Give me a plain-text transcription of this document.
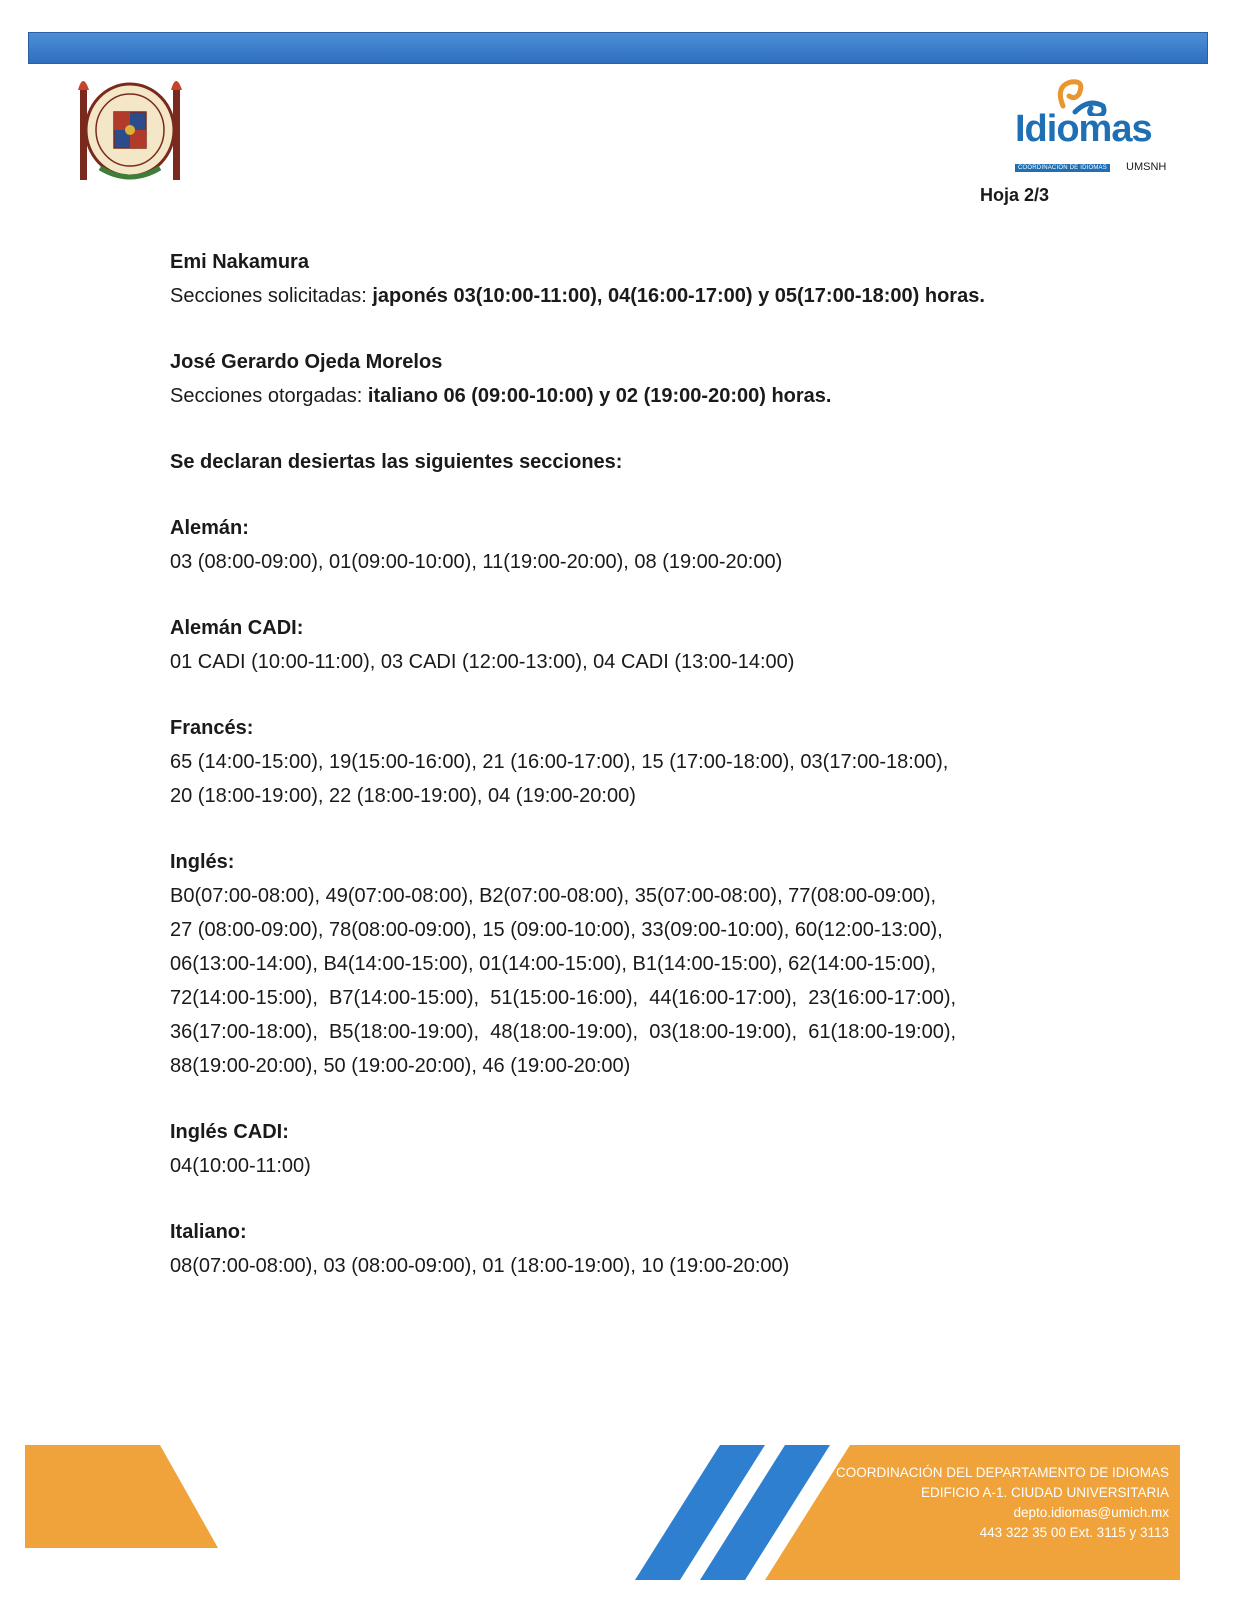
Idiomas
COORDINACIÓN DE IDIOMAS UMSNH
Hoja 2/3
Emi Nakamura
Secciones solicitadas: japonés 03(10:00-11:00), 04(16:00-17:00) y 05(17:00-18:00) horas.
José Gerardo Ojeda Morelos
Secciones otorgadas: italiano 06 (09:00-10:00) y 02 (19:00-20:00) horas.
Se declaran desiertas las siguientes secciones:
Alemán:
03 (08:00-09:00), 01(09:00-10:00), 11(19:00-20:00), 08 (19:00-20:00)
Alemán CADI:
01 CADI (10:00-11:00), 03 CADI (12:00-13:00), 04 CADI (13:00-14:00)
Francés:
65 (14:00-15:00), 19(15:00-16:00), 21 (16:00-17:00), 15 (17:00-18:00), 03(17:00-18:00),
20 (18:00-19:00), 22 (18:00-19:00), 04 (19:00-20:00)
Inglés:
B0(07:00-08:00), 49(07:00-08:00), B2(07:00-08:00), 35(07:00-08:00), 77(08:00-09:00),
27 (08:00-09:00), 78(08:00-09:00), 15 (09:00-10:00), 33(09:00-10:00), 60(12:00-13:00),
06(13:00-14:00), B4(14:00-15:00), 01(14:00-15:00), B1(14:00-15:00), 62(14:00-15:00),
72(14:00-15:00),  B7(14:00-15:00),  51(15:00-16:00),  44(16:00-17:00),  23(16:00-17:00),
36(17:00-18:00),  B5(18:00-19:00),  48(18:00-19:00),  03(18:00-19:00),  61(18:00-19:00),
88(19:00-20:00), 50 (19:00-20:00), 46 (19:00-20:00)
Inglés CADI:
04(10:00-11:00)
Italiano:
08(07:00-08:00), 03 (08:00-09:00), 01 (18:00-19:00), 10 (19:00-20:00)
COORDINACIÓN DEL DEPARTAMENTO DE IDIOMAS
EDIFICIO A-1. CIUDAD UNIVERSITARIA
depto.idiomas@umich.mx
443 322 35 00 Ext. 3115 y 3113
